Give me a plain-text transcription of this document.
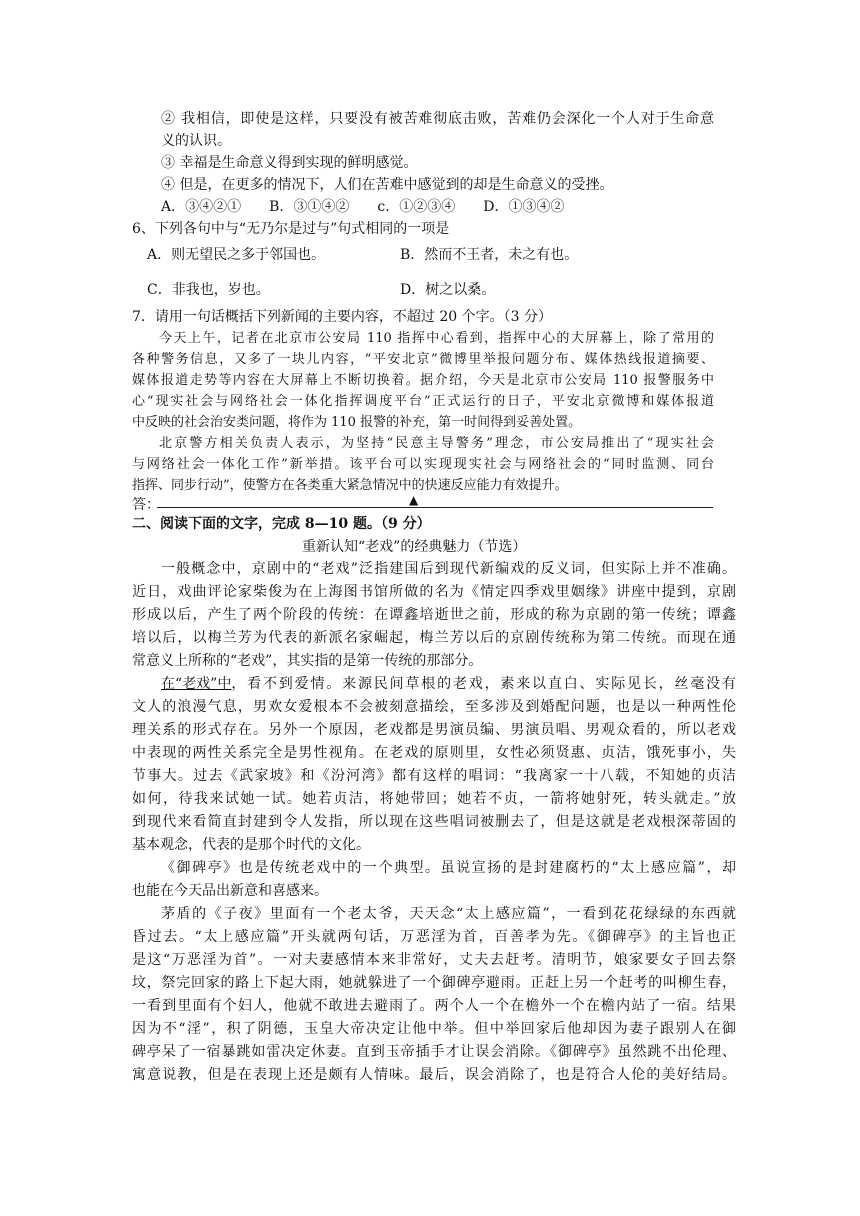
② 我相信，即使是这样，只要没有被苦难彻底击败，苦难仍会深化一个人对于生命意
义的认识。
③ 幸福是生命意义得到实现的鲜明感觉。
④ 但是，在更多的情况下，人们在苦难中感觉到的却是生命意义的受挫。
A．③④②①　　B．③①④②　　c．①②③④　　D．①③④②
6、下列各句中与“无乃尔是过与”句式相同的一项是
A．则无望民之多于邻国也。	B．然而不王者，未之有也。
C．非我也，岁也。	D．树之以桑。
7．请用一句话概括下列新闻的主要内容，不超过 20 个字。（3 分）
今天上午，记者在北京市公安局 110 指挥中心看到，指挥中心的大屏幕上，除了常用的
各种警务信息，又多了一块儿内容，“平安北京”微博里举报问题分布、媒体热线报道摘要、
媒体报道走势等内容在大屏幕上不断切换着。据介绍，今天是北京市公安局 110 报警服务中
心“现实社会与网络社会一体化指挥调度平台”正式运行的日子，平安北京微博和媒体报道
中反映的社会治安类问题，将作为 110 报警的补充，第一时间得到妥善处置。
北京警方相关负责人表示，为坚持“民意主导警务”理念，市公安局推出了“现实社会
与网络社会一体化工作”新举措。该平台可以实现现实社会与网络社会的“同时监测、同台
指挥、同步行动”，使警方在各类重大紧急情况中的快速反应能力有效提升。
答：	▲
二、阅读下面的文字，完成 8—10 题。（9 分）
重新认知“老戏”的经典魅力（节选）
一般概念中，京剧中的“老戏”泛指建国后到现代新编戏的反义词，但实际上并不准确。
近日，戏曲评论家柴俊为在上海图书馆所做的名为《情定四季戏里姻缘》讲座中提到，京剧
形成以后，产生了两个阶段的传统：在谭鑫培逝世之前，形成的称为京剧的第一传统；谭鑫
培以后，以梅兰芳为代表的新派名家崛起，梅兰芳以后的京剧传统称为第二传统。而现在通
常意义上所称的“老戏”，其实指的是第一传统的那部分。
在“老戏”中 ，看不到爱情。来源民间草根的老戏，素来以直白、实际见长，丝毫没有
文人的浪漫气息，男欢女爱根本不会被刻意描绘，至多涉及到婚配问题，也是以一种两性伦
理关系的形式存在。另外一个原因，老戏都是男演员编、男演员唱、男观众看的，所以老戏
中表现的两性关系完全是男性视角。在老戏的原则里，女性必须贤惠、贞洁，饿死事小，失
节事大。过去《武家坡》和《汾河湾》都有这样的唱词：“我离家一十八载，不知她的贞洁
如何，待我来试她一试。她若贞洁，将她带回；她若不贞，一箭将她射死，转头就走。”放
到现代来看简直封建到令人发指，所以现在这些唱词被删去了，但是这就是老戏根深蒂固的
基本观念，代表的是那个时代的文化。
《御碑亭》也是传统老戏中的一个典型。虽说宣扬的是封建腐朽的“太上感应篇”，却
也能在今天品出新意和喜感来。
茅盾的《子夜》里面有一个老太爷，天天念“太上感应篇”，一看到花花绿绿的东西就
昏过去。“太上感应篇”开头就两句话，万恶淫为首，百善孝为先。《御碑亭》的主旨也正
是这“万恶淫为首”。一对夫妻感情本来非常好，丈夫去赶考。清明节，娘家要女子回去祭
坟，祭完回家的路上下起大雨，她就躲进了一个御碑亭避雨。正赶上另一个赶考的叫柳生春，
一看到里面有个妇人，他就不敢进去避雨了。两个人一个在檐外一个在檐内站了一宿。结果
因为不“淫”，积了阴德，玉皇大帝决定让他中举。但中举回家后他却因为妻子跟别人在御
碑亭呆了一宿暴跳如雷决定休妻。直到玉帝插手才让误会消除。《御碑亭》虽然跳不出伦理、
寓意说教，但是在表现上还是颇有人情味。最后，误会消除了，也是符合人伦的美好结局。
